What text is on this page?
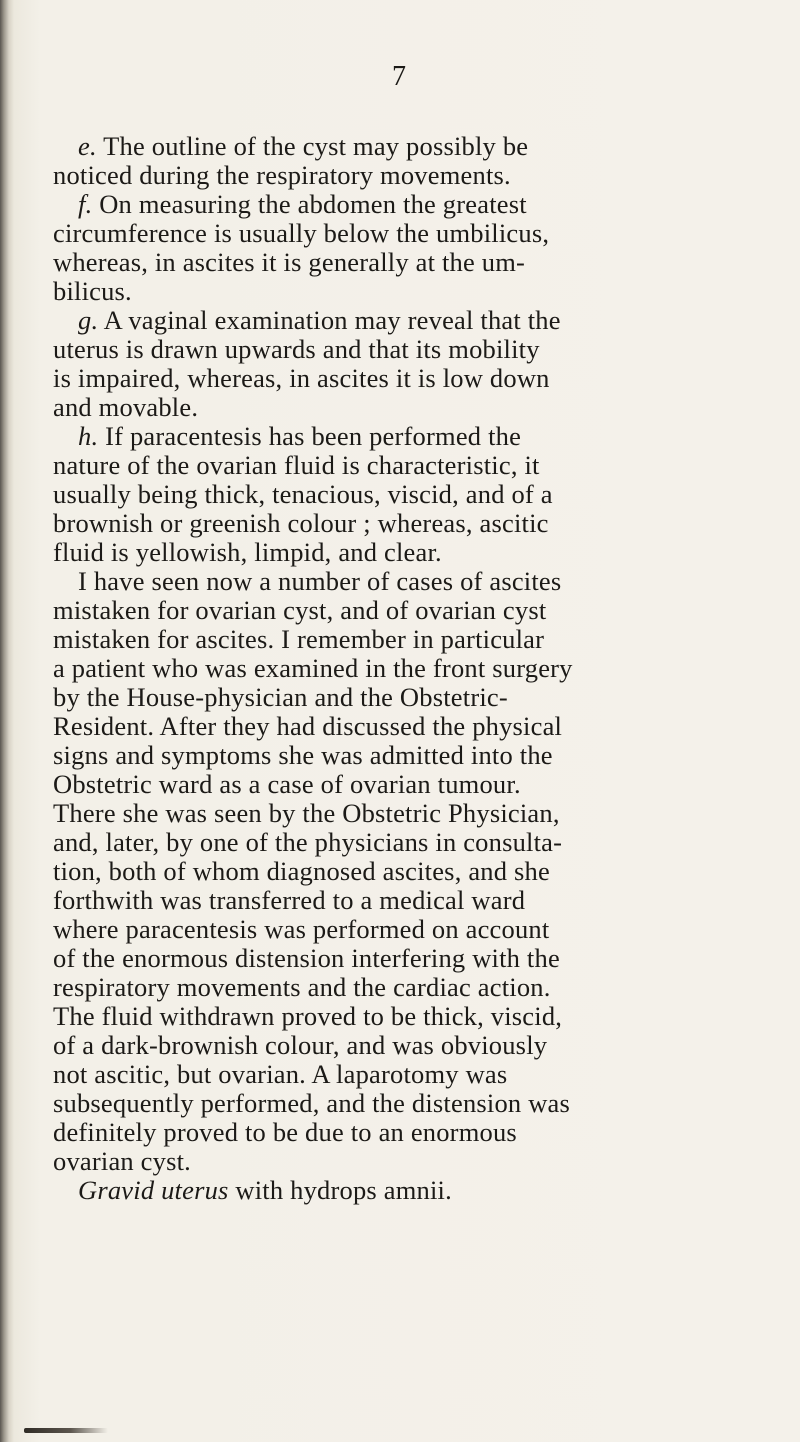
7
e. The outline of the cyst may possibly be
noticed during the respiratory movements.
f. On measuring the abdomen the greatest
circumference is usually below the umbilicus,
whereas, in ascites it is generally at the um-
bilicus.
g. A vaginal examination may reveal that the
uterus is drawn upwards and that its mobility
is impaired, whereas, in ascites it is low down
and movable.
h. If paracentesis has been performed the
nature of the ovarian fluid is characteristic, it
usually being thick, tenacious, viscid, and of a
brownish or greenish colour ; whereas, ascitic
fluid is yellowish, limpid, and clear.
I have seen now a number of cases of ascites
mistaken for ovarian cyst, and of ovarian cyst
mistaken for ascites. I remember in particular
a patient who was examined in the front surgery
by the House-physician and the Obstetric-
Resident. After they had discussed the physical
signs and symptoms she was admitted into the
Obstetric ward as a case of ovarian tumour.
There she was seen by the Obstetric Physician,
and, later, by one of the physicians in consulta-
tion, both of whom diagnosed ascites, and she
forthwith was transferred to a medical ward
where paracentesis was performed on account
of the enormous distension interfering with the
respiratory movements and the cardiac action.
The fluid withdrawn proved to be thick, viscid,
of a dark-brownish colour, and was obviously
not ascitic, but ovarian. A laparotomy was
subsequently performed, and the distension was
definitely proved to be due to an enormous
ovarian cyst.
Gravid uterus with hydrops amnii.
